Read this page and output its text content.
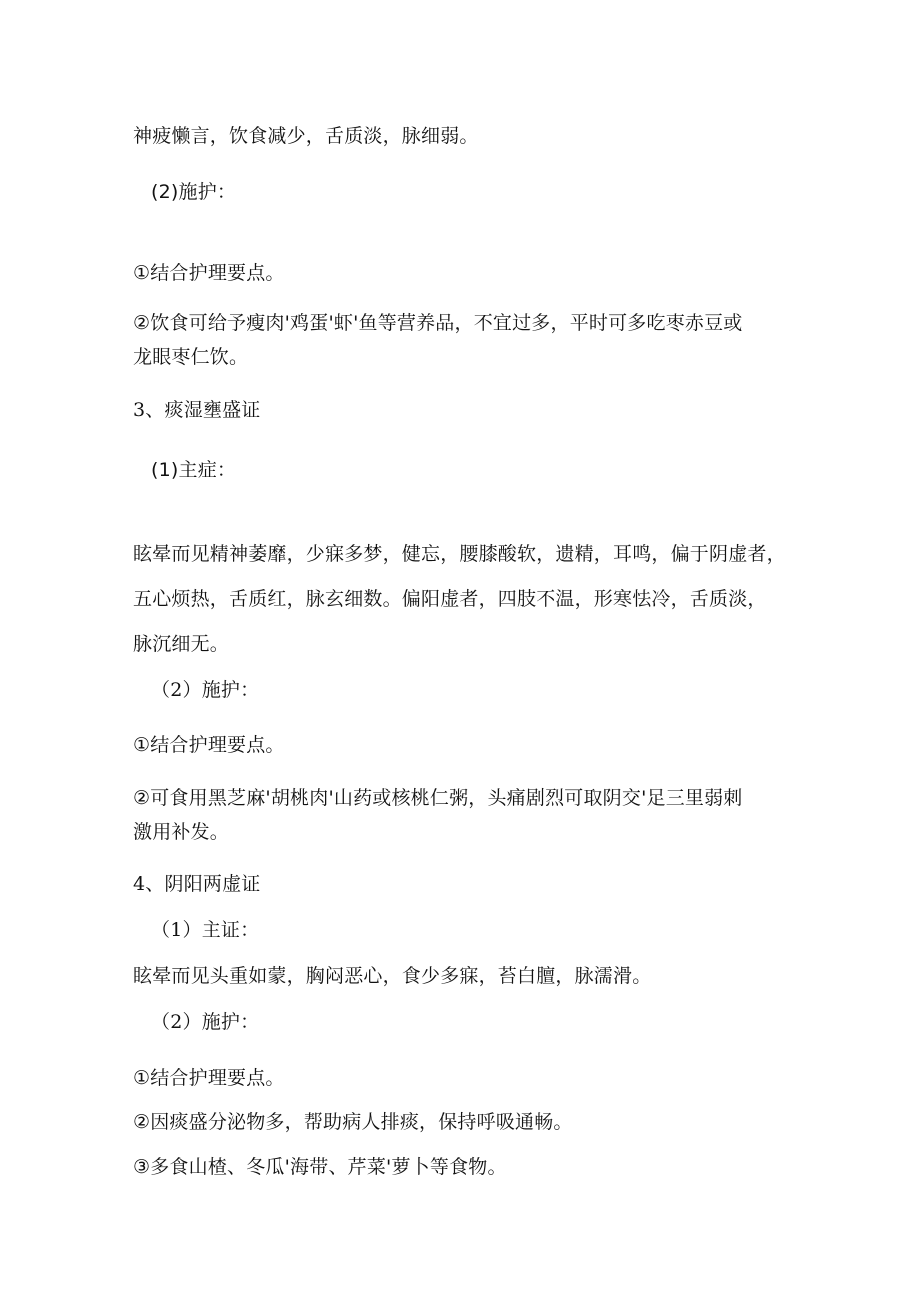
神疲懒言，饮食减少，舌质淡，脉细弱。

(2)施护：

①结合护理要点。

②饮食可给予瘦肉'鸡蛋'虾'鱼等营养品，不宜过多，平时可多吃枣赤豆或

龙眼枣仁饮。

3、痰湿壅盛证

(1)主症：

眩晕而见精神萎靡，少寐多梦，健忘，腰膝酸软，遗精，耳鸣，偏于阴虚者，

五心烦热，舌质红，脉玄细数。偏阳虚者，四肢不温，形寒怯冷，舌质淡，

脉沉细无。

（2）施护：

①结合护理要点。

②可食用黑芝麻'胡桃肉'山药或核桃仁粥，头痛剧烈可取阴交'足三里弱刺

激用补发。

4、阴阳两虚证

（1）主证：

眩晕而见头重如蒙，胸闷恶心，食少多寐，苔白膻，脉濡滑。

（2）施护：

①结合护理要点。

②因痰盛分泌物多，帮助病人排痰，保持呼吸通畅。

③多食山楂、冬瓜'海带、芹菜'萝卜等食物。
